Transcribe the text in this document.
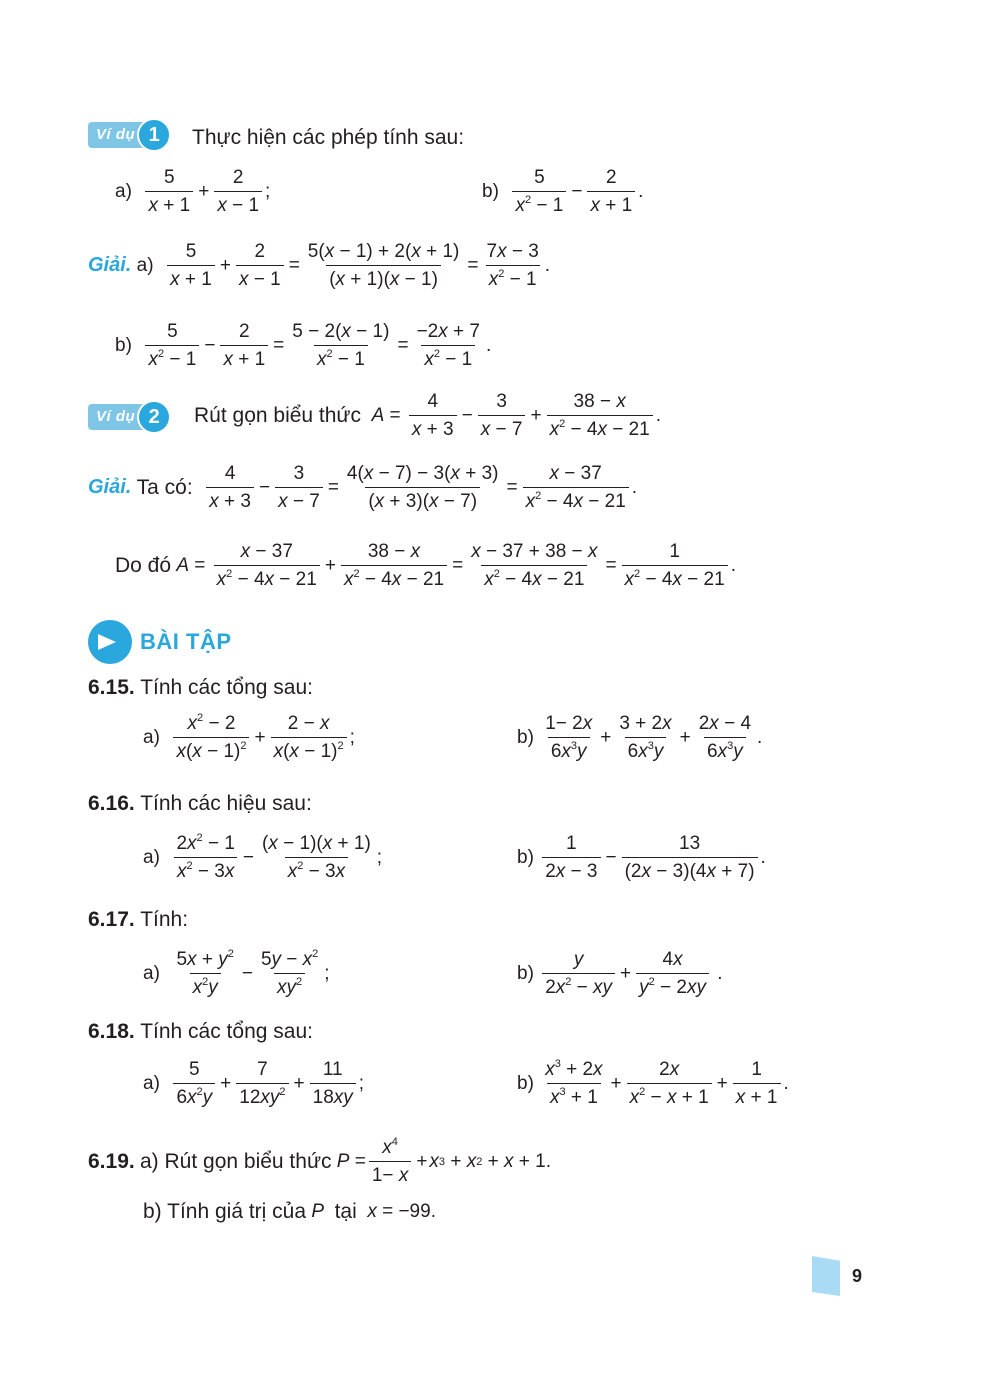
Ví dụ 1	Thực hiện các phép tính sau:
a)

5
x + 1
+ $\frac{2}{x - 1}$ ;	b)

5
$x^2 - 1$
− $\frac{2}{x + 1}$ .
Giải.
a)

5
x + 1
+ $\frac{2}{x - 1} = \frac{5(x - 1) + 2(x + 1)}{(x + 1)(x - 1)} = \frac{7x - 3}{x^2 - 1}$ .
b)

5
$x^2 - 1$
− $\frac{2}{x + 1} = \frac{5 - 2(x - 1)}{x^2 - 1} = \frac{-2x + 7}{x^2 - 1}$ .
Ví dụ 2	Rút gọn biểu thức
A =
4
x + 3
− $\frac{3}{x - 7} + \frac{38 - x}{x^2 - 4x - 21}$ .
Giải.
Ta có:

4
x + 3
− $\frac{3}{x - 7} = \frac{4(x - 7) - 3(x + 3)}{(x + 3)(x - 7)} = \frac{x - 37}{x^2 - 4x - 21}$ .
Do đó
A =
x − 37
$x^2 - 4x - 21$
+ $\frac{38 - x}{x^2 - 4x - 21} = \frac{x - 37 + 38 - x}{x^2 - 4x - 21} = \frac{1}{x^2 - 4x - 21}$ .
BÀI TẬP
6.15. Tính các tổng sau:
a)

$x^2 - 2$
$x(x - 1)^2 + \frac{2 - x}{x(x - 1)^2}$ ;	b)

1− 2x
$6x^3y$
+ $\frac{3 + 2x}{6x^3y} + \frac{2x - 4}{6x^3y}$ .
6.16. Tính các hiệu sau:
a)

$2x^2 - 1$
$x^2 - 3x$
− $\frac{(x - 1)(x + 1)}{x^2 - 3x}$ ;	b)

1
2x − 3
− $\frac{13}{(2x - 3)(4x + 7)}$ .
6.17. Tính:
a)

$5x + y^2$
$x^2y$
− $\frac{5y - x^2}{xy^2}$ ;	b)

y
$2x^2$ − xy
+ $\frac{4x}{y^2 - 2xy}$ .
6.18. Tính các tổng sau:
a)

5
$6x^2y$
+ $\frac{7}{12xy^2} + \frac{11}{18xy}$ ;	b)

$x^3 + 2x$
$x^3 + 1$
+ $\frac{2x}{x^2 - x + 1} + \frac{1}{x + 1}$ .
6.19.
a) Rút gọn biểu thức
P =
$x^4$
1− x
+ x 3 + x 2 + x + 1.
b) Tính giá trị của
P
tại
x = −99.
9
